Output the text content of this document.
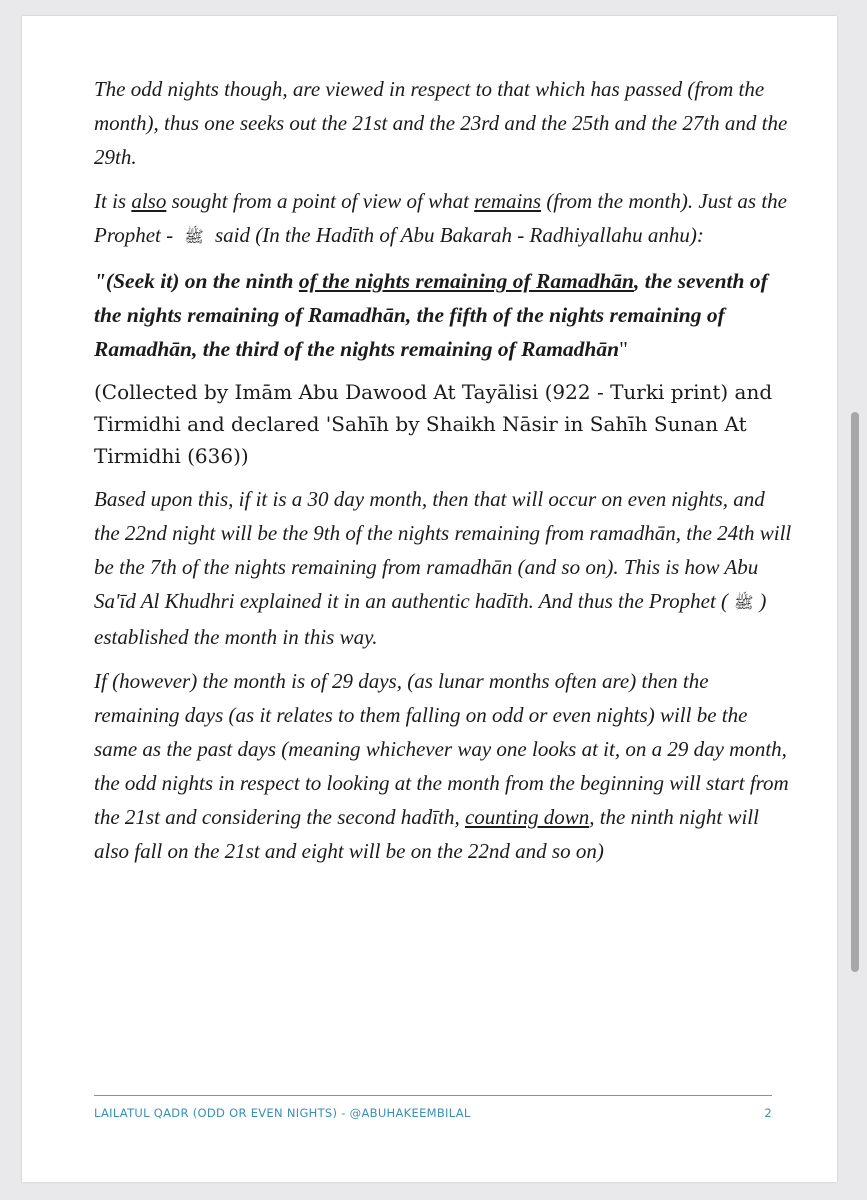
The odd nights though, are viewed in respect to that which has passed (from the month), thus one seeks out the 21st and the 23rd and the 25th and the 27th and the 29th.

It is also sought from a point of view of what remains (from the month). Just as the Prophet - ﷺ said (In the Hadīth of Abu Bakarah - Radhiyallahu anhu):

"(Seek it) on the ninth of the nights remaining of Ramadhān, the seventh of the nights remaining of Ramadhān, the fifth of the nights remaining of Ramadhān, the third of the nights remaining of Ramadhān"

(Collected by Imām Abu Dawood At Tayālisi (922 - Turki print) and Tirmidhi and declared 'Sahīh by Shaikh Nāsir in Sahīh Sunan At Tirmidhi (636))

Based upon this, if it is a 30 day month, then that will occur on even nights, and the 22nd night will be the 9th of the nights remaining from ramadhān, the 24th will be the 7th of the nights remaining from ramadhān (and so on). This is how Abu Sa'īd Al Khudhri explained it in an authentic hadīth. And thus the Prophet ( ﷺ ) established the month in this way.

If (however) the month is of 29 days, (as lunar months often are) then the remaining days (as it relates to them falling on odd or even nights) will be the same as the past days (meaning whichever way one looks at it, on a 29 day month, the odd nights in respect to looking at the month from the beginning will start from the 21st and considering the second hadīth, counting down, the ninth night will also fall on the 21st and eight will be on the 22nd and so on)

LAILATUL QADR (ODD OR EVEN NIGHTS) - @ABUHAKEEMBILAL	2
